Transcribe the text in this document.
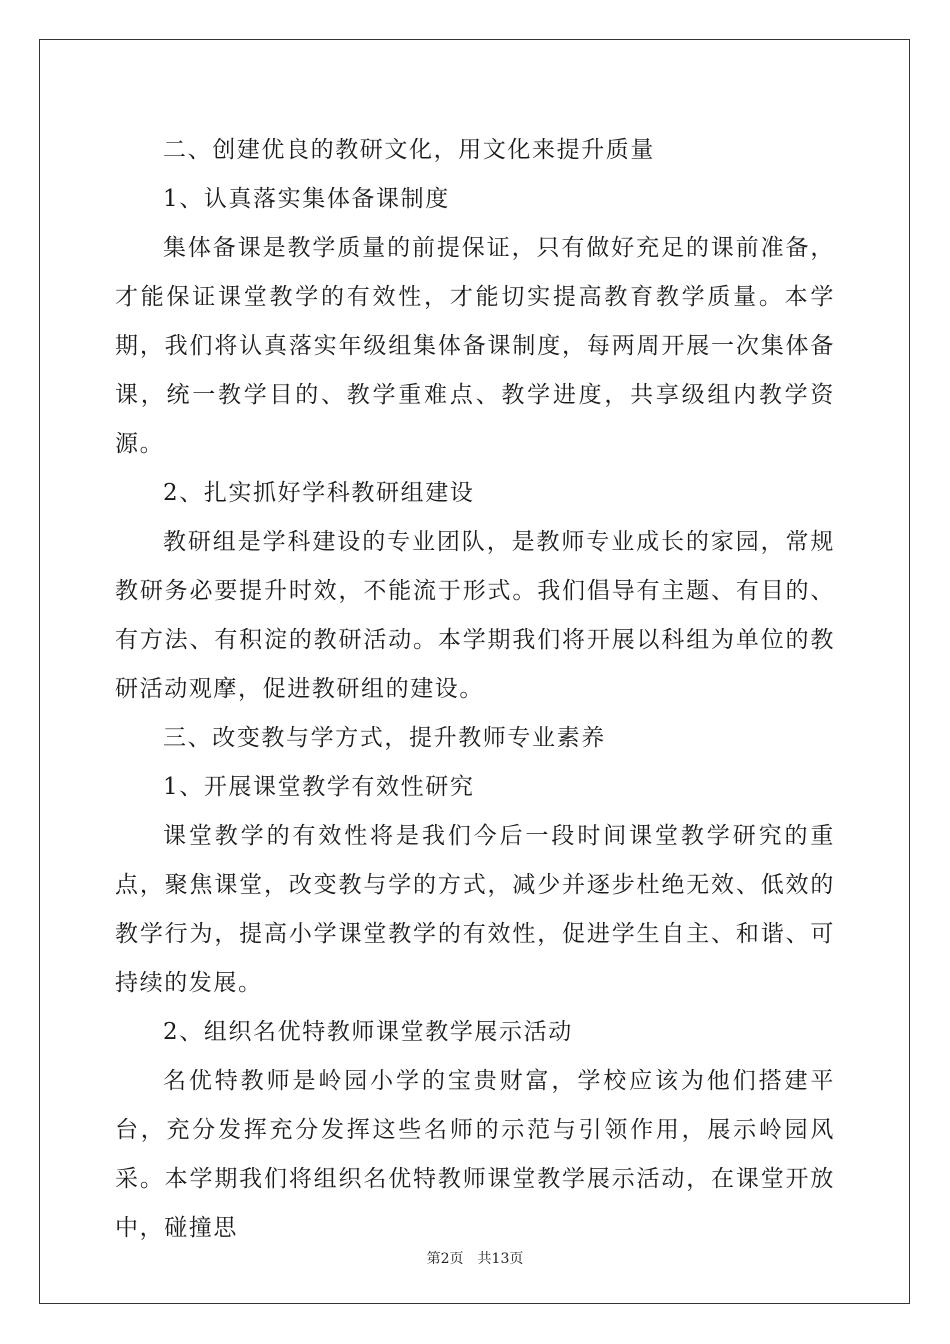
二、创建优良的教研文化，用文化来提升质量

1、认真落实集体备课制度

集体备课是教学质量的前提保证，只有做好充足的课前准备，才能保证课堂教学的有效性，才能切实提高教育教学质量。本学期，我们将认真落实年级组集体备课制度，每两周开展一次集体备课，统一教学目的、教学重难点、教学进度，共享级组内教学资源。

2、扎实抓好学科教研组建设

教研组是学科建设的专业团队，是教师专业成长的家园，常规教研务必要提升时效，不能流于形式。我们倡导有主题、有目的、有方法、有积淀的教研活动。本学期我们将开展以科组为单位的教研活动观摩，促进教研组的建设。

三、改变教与学方式，提升教师专业素养

1、开展课堂教学有效性研究

课堂教学的有效性将是我们今后一段时间课堂教学研究的重点，聚焦课堂，改变教与学的方式，减少并逐步杜绝无效、低效的教学行为，提高小学课堂教学的有效性，促进学生自主、和谐、可持续的发展。

2、组织名优特教师课堂教学展示活动

名优特教师是岭园小学的宝贵财富，学校应该为他们搭建平台，充分发挥充分发挥这些名师的示范与引领作用，展示岭园风采。本学期我们将组织名优特教师课堂教学展示活动，在课堂开放中，碰撞思

第2页 共13页
